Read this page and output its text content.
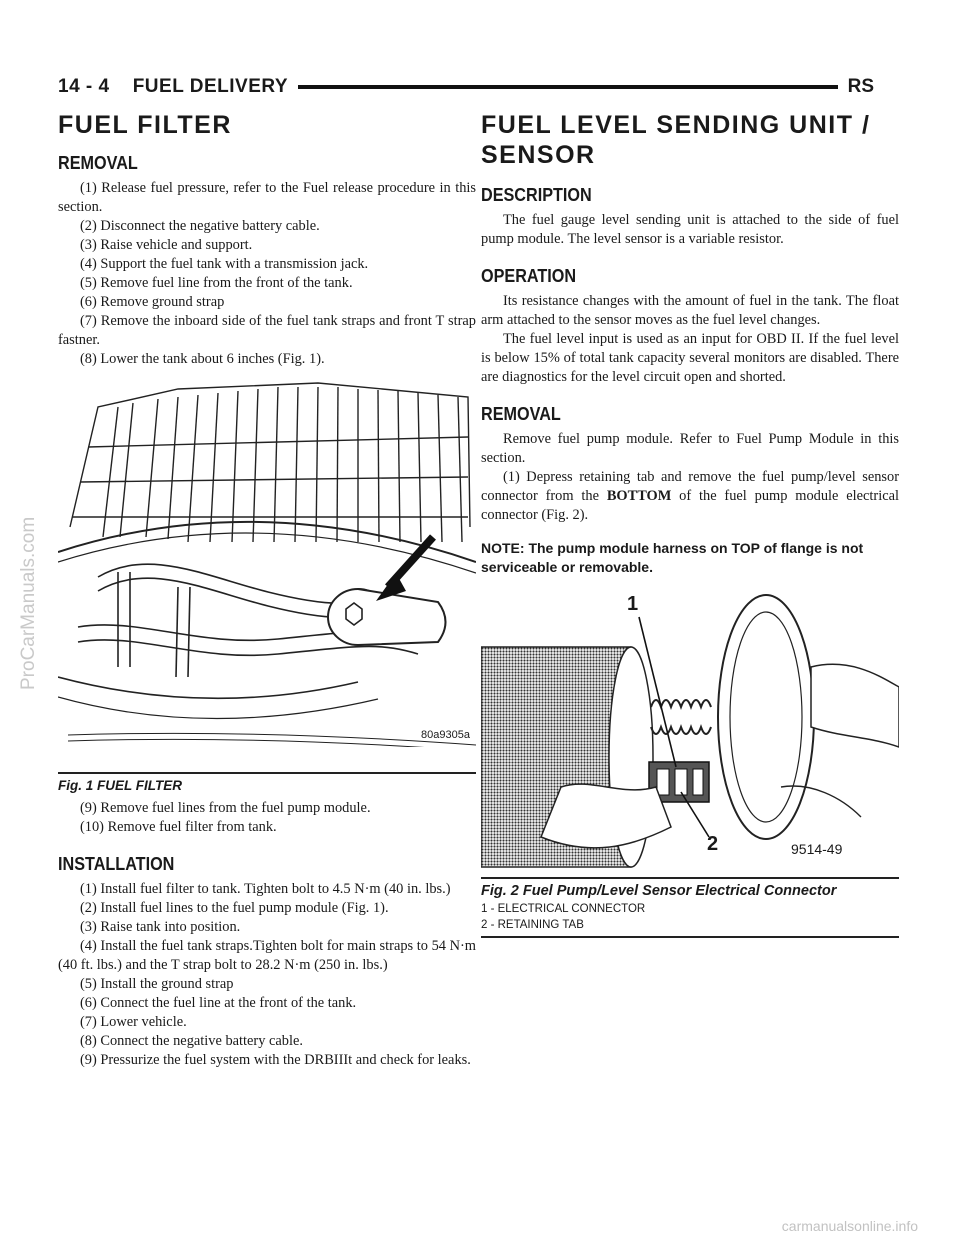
14 - 4    FUEL DELIVERY	RS
FUEL FILTER
REMOVAL

(1) Release fuel pressure, refer to the Fuel release procedure in this section.

(2) Disconnect the negative battery cable.

(3) Raise vehicle and support.

(4) Support the fuel tank with a transmission jack.

(5) Remove fuel line from the front of the tank.

(6) Remove ground strap

(7) Remove the inboard side of the fuel tank straps and front T strap fastner.

(8) Lower the tank about 6 inches (Fig. 1).

80a9305a
Fig. 1 FUEL FILTER

(9) Remove fuel lines from the fuel pump module.

(10) Remove fuel filter from tank.

INSTALLATION

(1) Install fuel filter to tank. Tighten bolt to 4.5 N·m (40 in. lbs.)

(2) Install fuel lines to the fuel pump module (Fig. 1).

(3) Raise tank into position.

(4) Install the fuel tank straps.Tighten bolt for main straps to 54 N·m (40 ft. lbs.) and the T strap bolt to 28.2 N·m (250 in. lbs.)

(5) Install the ground strap

(6) Connect the fuel line at the front of the tank.

(7) Lower vehicle.

(8) Connect the negative battery cable.

(9) Pressurize the fuel system with the DRBIIIt and check for leaks.

FUEL LEVEL SENDING UNIT / SENSOR
DESCRIPTION

The fuel gauge level sending unit is attached to the side of fuel pump module. The level sensor is a variable resistor.

OPERATION

Its resistance changes with the amount of fuel in the tank. The float arm attached to the sensor moves as the fuel level changes.

The fuel level input is used as an input for OBD II. If the fuel level is below 15% of total tank capacity several monitors are disabled. There are diagnostics for the level circuit open and shorted.

REMOVAL

Remove fuel pump module. Refer to Fuel Pump Module in this section.

(1) Depress retaining tab and remove the fuel pump/level sensor connector from the BOTTOM of the fuel pump module electrical connector (Fig. 2).

NOTE: The pump module harness on TOP of flange is not serviceable or removable.
1
2	9514-49
Fig. 2 Fuel Pump/Level Sensor Electrical Connector
1 - ELECTRICAL CONNECTOR
2 - RETAINING TAB
ProCarManuals.com
carmanualsonline.info
